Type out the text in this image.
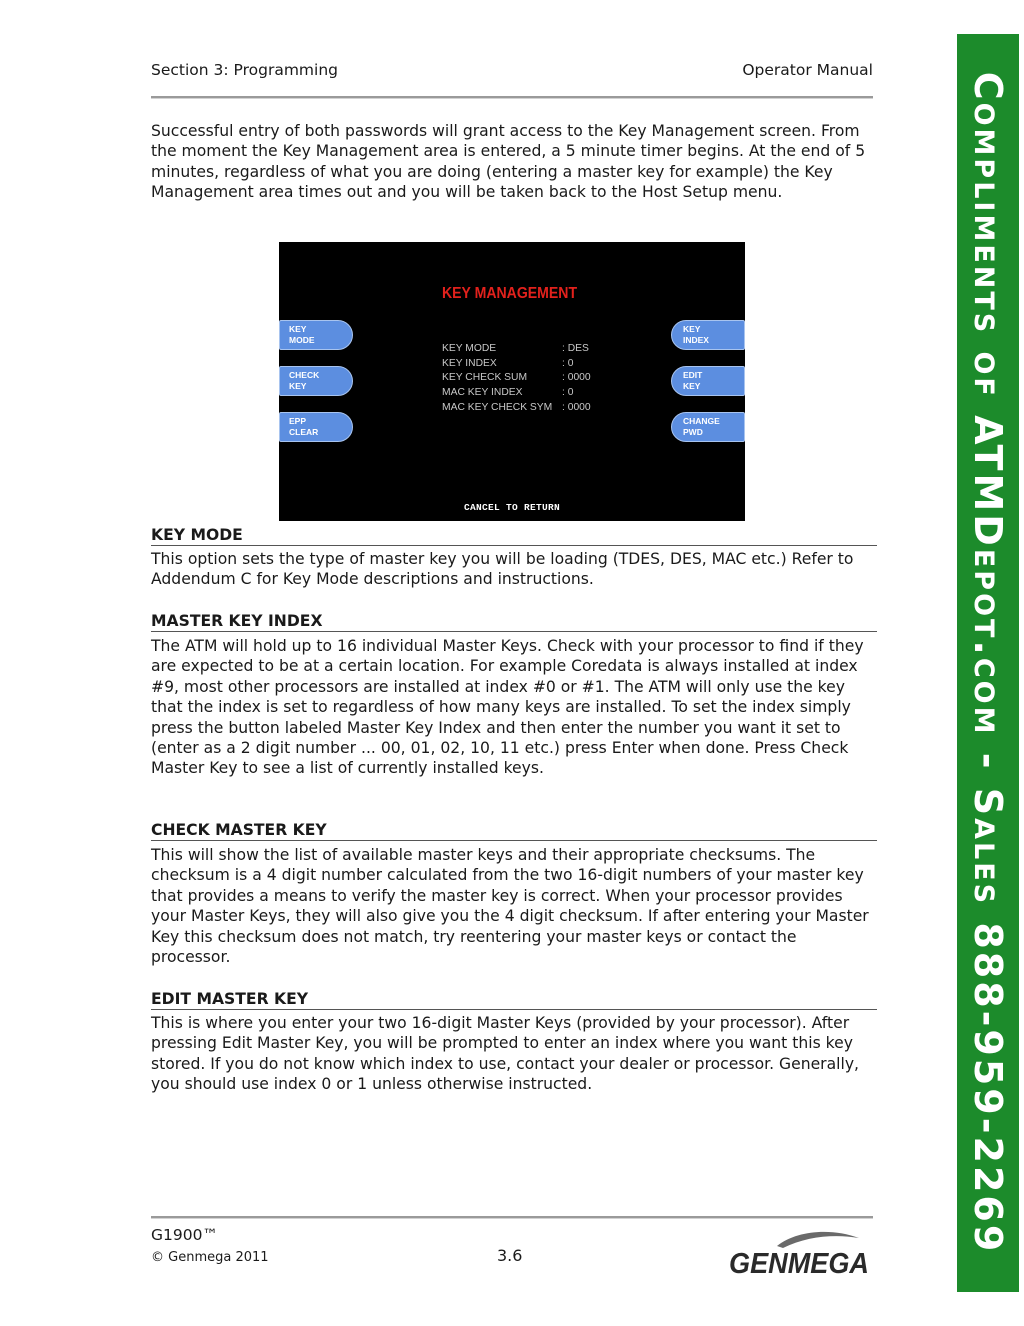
Section 3: Programming	Operator Manual

Successful entry of both passwords will grant access to the Key Management screen. From the moment the Key Management area is entered, a 5 minute timer begins. At the end of 5 minutes, regardless of what you are doing (entering a master key for example) the Key Management area times out and you will be taken back to the Host Setup menu.

KEY MANAGEMENT
KEY
MODE
CHECK
KEY
EPP
CLEAR
KEY
INDEX
EDIT
KEY
CHANGE
PWD
KEY MODE	: DES
KEY INDEX	: 0
KEY CHECK SUM	: 0000
MAC KEY INDEX	: 0
MAC KEY CHECK SYM : 0000
CANCEL TO RETURN
KEY MODE

This option sets the type of master key you will be loading (TDES, DES, MAC etc.) Refer to Addendum C for Key Mode descriptions and instructions.

MASTER KEY INDEX

The ATM will hold up to 16 individual Master Keys. Check with your processor to find if they are expected to be at a certain location. For example Coredata is always installed at index #9, most other processors are installed at index #0 or #1. The ATM will only use the key that the index is set to regardless of how many keys are installed. To set the index simply press the button labeled Master Key Index and then enter the number you want it set to (enter as a 2 digit number ... 00, 01, 02, 10, 11 etc.) press Enter when done. Press Check Master Key to see a list of currently installed keys.

CHECK MASTER KEY

This will show the list of available master keys and their appropriate checksums. The checksum is a 4 digit number calculated from the two 16-digit numbers of your master key that provides a means to verify the master key is correct. When your processor provides your Master Keys, they will also give you the 4 digit checksum. If after entering your Master Key this checksum does not match, try reentering your master keys or contact the processor.

EDIT MASTER KEY

This is where you enter your two 16-digit Master Keys (provided by your processor). After pressing Edit Master Key, you will be prompted to enter an index where you want this key stored. If you do not know which index to use, contact your dealer or processor. Generally, you should use index 0 or 1 unless otherwise instructed.

G1900™
© Genmega 2011	3.6	GENMEGA
Compliments of ATMDepot.com - Sales 888-959-2269
